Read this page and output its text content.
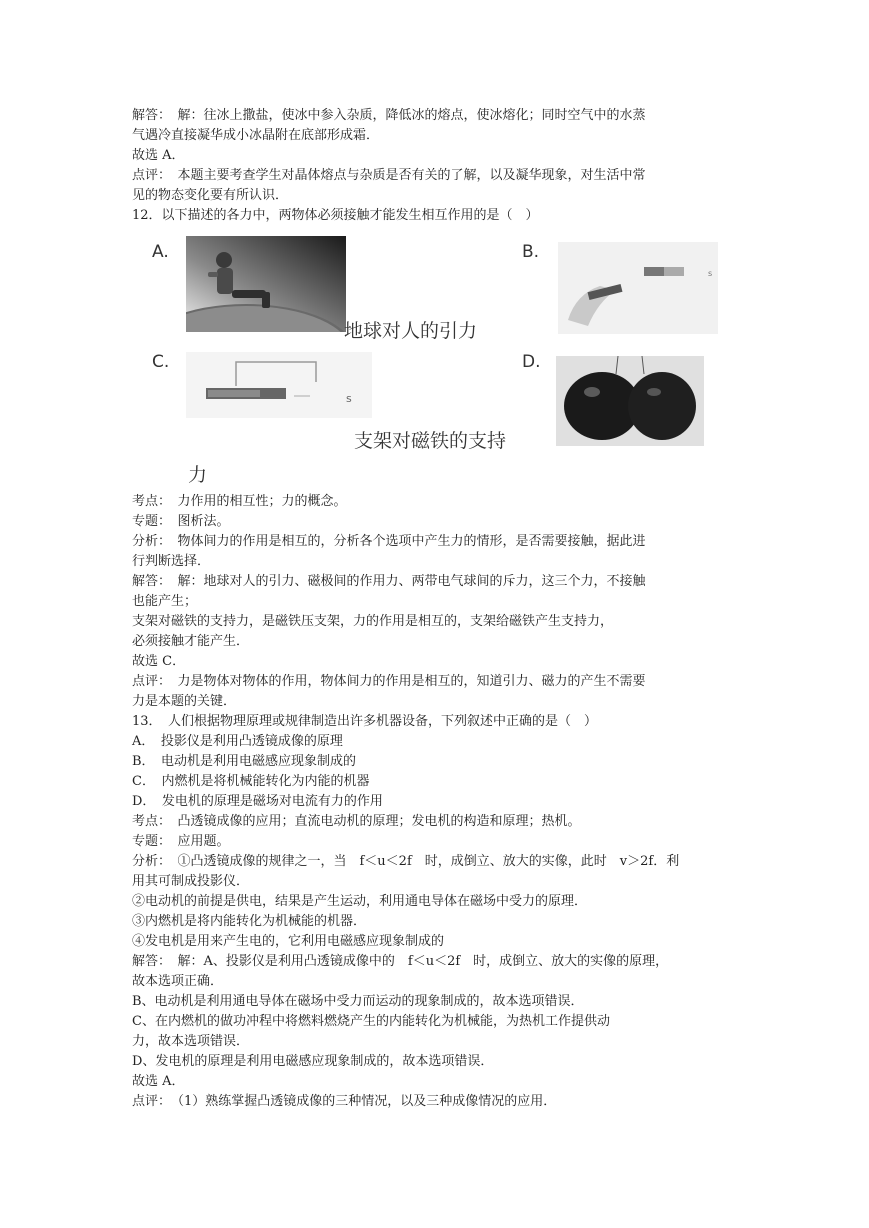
解答：　解：往冰上撒盐，使冰中参入杂质，降低冰的熔点，使冰熔化；同时空气中的水蒸
气遇冷直接凝华成小冰晶附在底部形成霜．
故选 A．
点评：　本题主要考查学生对晶体熔点与杂质是否有关的了解，以及凝华现象，对生活中常
见的物态变化要有所认识．
12．以下描述的各力中，两物体必须接触才能发生相互作用的是（　）
A.
地球对人的引力
B.
s
C.
s
支架对磁铁的支持
力
D.
考点：　力作用的相互性；力的概念。
专题：　图析法。
分析：　物体间力的作用是相互的，分析各个选项中产生力的情形，是否需要接触，据此进
行判断选择．
解答：　解：地球对人的引力、磁极间的作用力、两带电气球间的斥力，这三个力，不接触
也能产生；
支架对磁铁的支持力，是磁铁压支架，力的作用是相互的，支架给磁铁产生支持力，
必须接触才能产生．
故选 C．
点评：　力是物体对物体的作用，物体间力的作用是相互的，知道引力、磁力的产生不需要
力是本题的关键．
13．　人们根据物理原理或规律制造出许多机器设备，下列叙述中正确的是（　）
A．　投影仪是利用凸透镜成像的原理
B．　电动机是利用电磁感应现象制成的
C．　内燃机是将机械能转化为内能的机器
D．　发电机的原理是磁场对电流有力的作用
考点：　凸透镜成像的应用；直流电动机的原理；发电机的构造和原理；热机。
专题：　应用题。
分析：　①凸透镜成像的规律之一，当　f＜u＜2f　时，成倒立、放大的实像，此时　v＞2f．利
用其可制成投影仪．
②电动机的前提是供电，结果是产生运动，利用通电导体在磁场中受力的原理．
③内燃机是将内能转化为机械能的机器．
④发电机是用来产生电的，它利用电磁感应现象制成的
解答：　解：A、投影仪是利用凸透镜成像中的　f＜u＜2f　时，成倒立、放大的实像的原理，
故本选项正确．
B、电动机是利用通电导体在磁场中受力而运动的现象制成的，故本选项错误．
C、在内燃机的做功冲程中将燃料燃烧产生的内能转化为机械能，为热机工作提供动
力，故本选项错误．
D、发电机的原理是利用电磁感应现象制成的，故本选项错误．
故选 A．
点评：　（1）熟练掌握凸透镜成像的三种情况，以及三种成像情况的应用．
